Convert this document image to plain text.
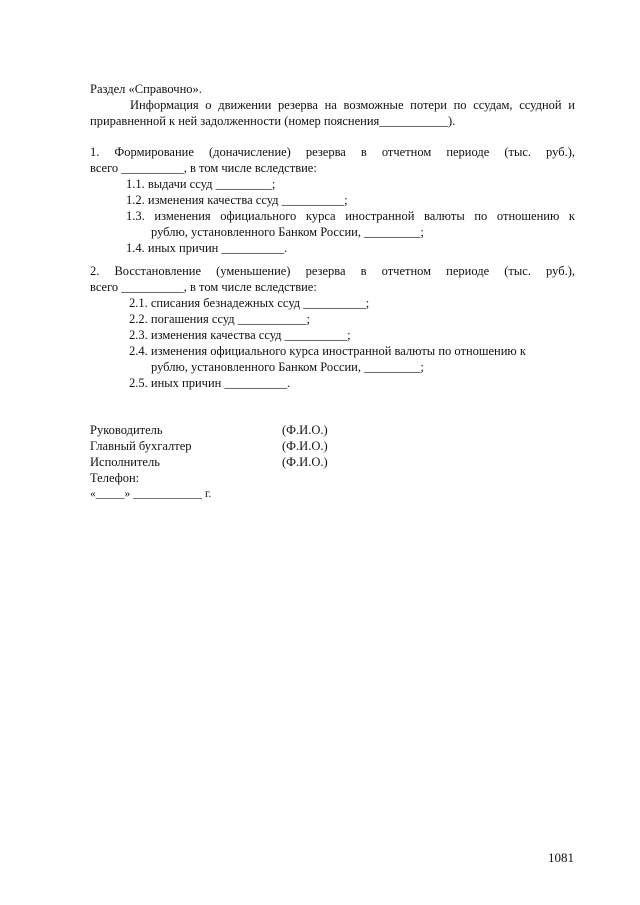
Раздел «Справочно».
Информация о движении резерва на возможные потери по ссудам, ссудной и
приравненной к ней задолженности (номер пояснения___________).
1. Формирование (доначисление) резерва в отчетном периоде (тыс. руб.),
всего __________, в том числе вследствие:
1.1. выдачи ссуд _________;
1.2. изменения качества ссуд __________;
1.3. изменения официального курса иностранной валюты по отношению к
рублю, установленного Банком России, _________;
1.4. иных причин __________.
2. Восстановление (уменьшение) резерва в отчетном периоде (тыс. руб.),
всего __________, в том числе вследствие:
2.1. списания безнадежных ссуд __________;
2.2. погашения ссуд ___________;
2.3. изменения качества ссуд __________;
2.4. изменения официального курса иностранной валюты по отношению к
рублю, установленного Банком России, _________;
2.5. иных причин __________.
Руководитель	(Ф.И.О.)
Главный бухгалтер	(Ф.И.О.)
Исполнитель	(Ф.И.О.)
Телефон:
«_____» ____________ г.
1081
